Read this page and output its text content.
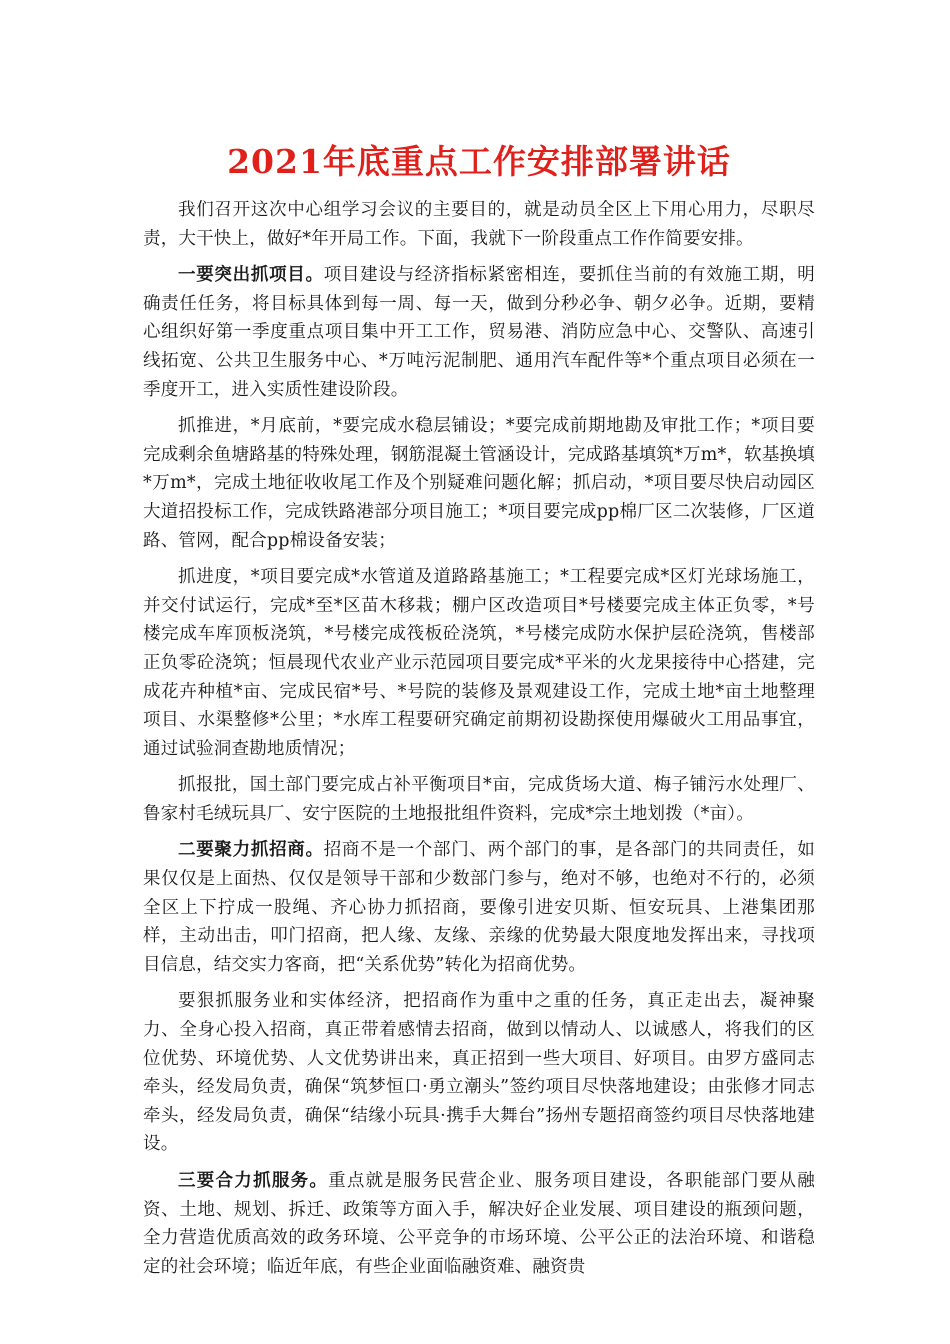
2021年底重点工作安排部署讲话

我们召开这次中心组学习会议的主要目的，就是动员全区上下用心用力，尽职尽责，大干快上，做好*年开局工作。下面，我就下一阶段重点工作作简要安排。

一要突出抓项目。项目建设与经济指标紧密相连，要抓住当前的有效施工期，明确责任任务，将目标具体到每一周、每一天，做到分秒必争、朝夕必争。近期，要精心组织好第一季度重点项目集中开工工作，贸易港、消防应急中心、交警队、高速引线拓宽、公共卫生服务中心、*万吨污泥制肥、通用汽车配件等*个重点项目必须在一季度开工，进入实质性建设阶段。

抓推进，*月底前，*要完成水稳层铺设；*要完成前期地勘及审批工作；*项目要完成剩余鱼塘路基的特殊处理，钢筋混凝土管涵设计，完成路基填筑*万m*，软基换填*万m*，完成土地征收收尾工作及个别疑难问题化解；抓启动，*项目要尽快启动园区大道招投标工作，完成铁路港部分项目施工；*项目要完成pp棉厂区二次装修，厂区道路、管网，配合pp棉设备安装；

抓进度，*项目要完成*水管道及道路路基施工；*工程要完成*区灯光球场施工，并交付试运行，完成*至*区苗木移栽；棚户区改造项目*号楼要完成主体正负零，*号楼完成车库顶板浇筑，*号楼完成筏板砼浇筑，*号楼完成防水保护层砼浇筑，售楼部正负零砼浇筑；恒晨现代农业产业示范园项目要完成*平米的火龙果接待中心搭建，完成花卉种植*亩、完成民宿*号、*号院的装修及景观建设工作，完成土地*亩土地整理项目、水渠整修*公里；*水库工程要研究确定前期初设勘探使用爆破火工用品事宜，通过试验洞查勘地质情况；

抓报批，国土部门要完成占补平衡项目*亩，完成货场大道、梅子铺污水处理厂、鲁家村毛绒玩具厂、安宁医院的土地报批组件资料，完成*宗土地划拨（*亩）。

二要聚力抓招商。招商不是一个部门、两个部门的事，是各部门的共同责任，如果仅仅是上面热、仅仅是领导干部和少数部门参与，绝对不够，也绝对不行的，必须全区上下拧成一股绳、齐心协力抓招商，要像引进安贝斯、恒安玩具、上港集团那样，主动出击，叩门招商，把人缘、友缘、亲缘的优势最大限度地发挥出来，寻找项目信息，结交实力客商，把“关系优势”转化为招商优势。

要狠抓服务业和实体经济，把招商作为重中之重的任务，真正走出去，凝神聚力、全身心投入招商，真正带着感情去招商，做到以情动人、以诚感人，将我们的区位优势、环境优势、人文优势讲出来，真正招到一些大项目、好项目。由罗方盛同志牵头，经发局负责，确保“筑梦恒口·勇立潮头”签约项目尽快落地建设；由张修才同志牵头，经发局负责，确保“结缘小玩具·携手大舞台”扬州专题招商签约项目尽快落地建设。

三要合力抓服务。重点就是服务民营企业、服务项目建设，各职能部门要从融资、土地、规划、拆迁、政策等方面入手，解决好企业发展、项目建设的瓶颈问题，全力营造优质高效的政务环境、公平竞争的市场环境、公平公正的法治环境、和谐稳定的社会环境；临近年底，有些企业面临融资难、融资贵
